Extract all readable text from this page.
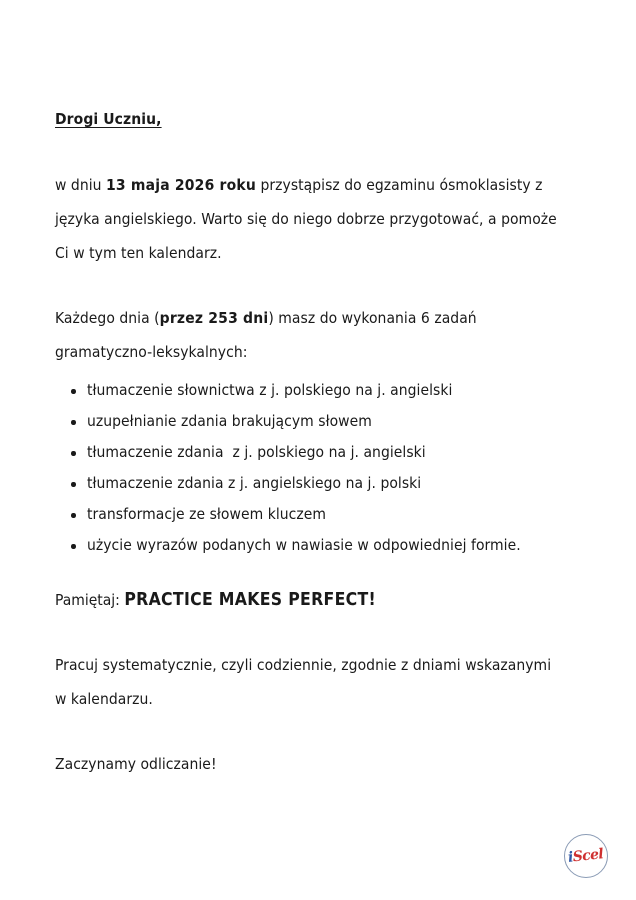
Drogi Uczniu,

w dniu 13 maja 2026 roku przystąpisz do egzaminu ósmoklasisty z języka angielskiego. Warto się do niego dobrze przygotować, a pomoże Ci w tym ten kalendarz.

Każdego dnia (przez 253 dni) masz do wykonania 6 zadań gramatyczno-leksykalnych:

tłumaczenie słownictwa z j. polskiego na j. angielski
uzupełnianie zdania brakującym słowem
tłumaczenie zdania  z j. polskiego na j. angielski
tłumaczenie zdania z j. angielskiego na j. polski
transformacje ze słowem kluczem
użycie wyrazów podanych w nawiasie w odpowiedniej formie.

Pamiętaj: PRACTICE MAKES PERFECT!

Pracuj systematycznie, czyli codziennie, zgodnie z dniami wskazanymi w kalendarzu.

Zaczynamy odliczanie!

iScel
